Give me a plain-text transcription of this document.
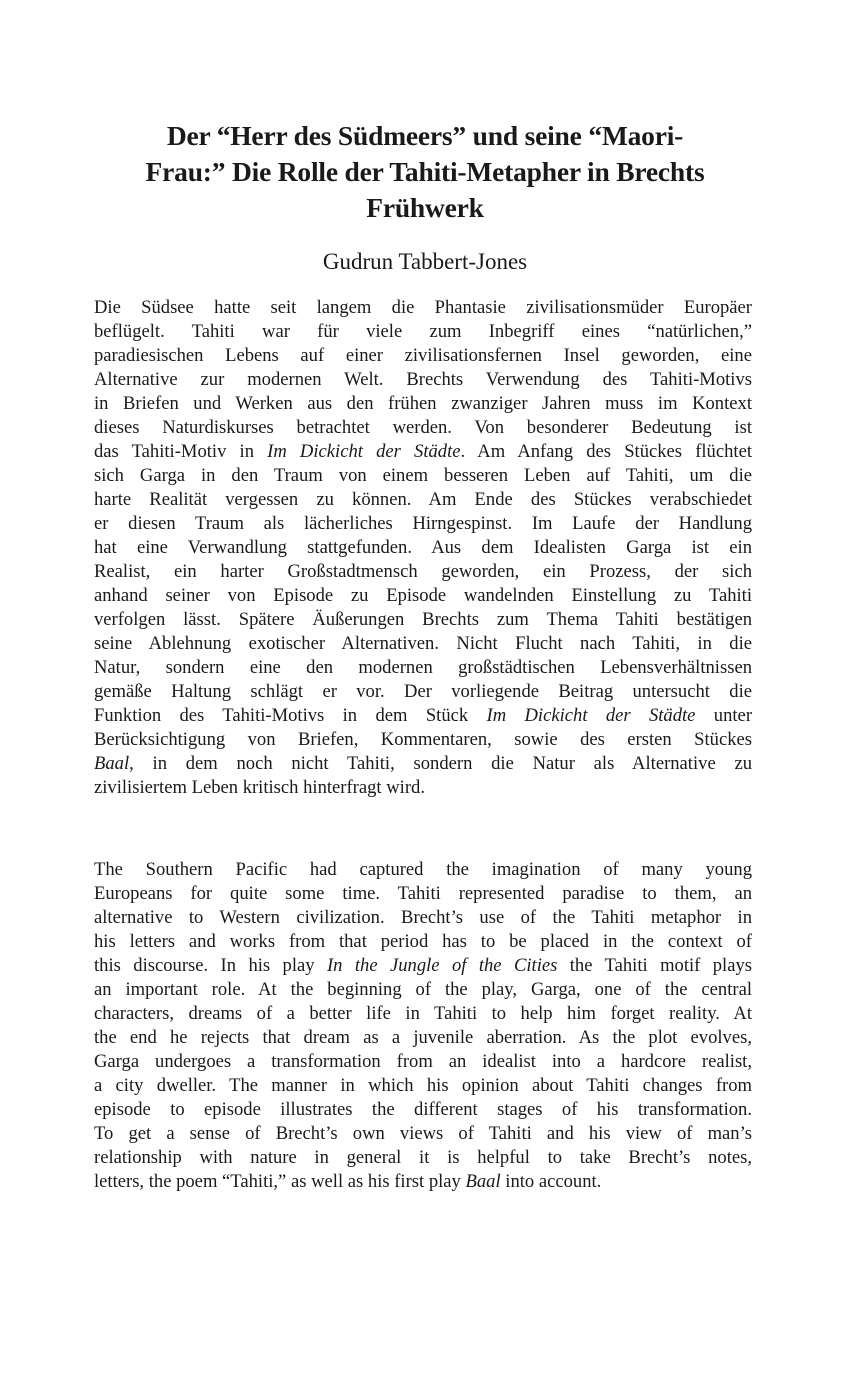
Der “Herr des Südmeers” und seine “Maori-
Frau:” Die Rolle der Tahiti-Metapher in Brechts
Frühwerk
Gudrun Tabbert-Jones
Die Südsee hatte seit langem die Phantasie zivilisationsmüder Europäer
beflügelt. Tahiti war für viele zum Inbegriff eines “natürlichen,”
paradiesischen Lebens auf einer zivilisationsfernen Insel geworden, eine
Alternative zur modernen Welt. Brechts Verwendung des Tahiti-Motivs
in Briefen und Werken aus den frühen zwanziger Jahren muss im Kontext
dieses Naturdiskurses betrachtet werden. Von besonderer Bedeutung ist
das Tahiti-Motiv in Im Dickicht der Städte. Am Anfang des Stückes flüchtet
sich Garga in den Traum von einem besseren Leben auf Tahiti, um die
harte Realität vergessen zu können. Am Ende des Stückes verabschiedet
er diesen Traum als lächerliches Hirngespinst. Im Laufe der Handlung
hat eine Verwandlung stattgefunden. Aus dem Idealisten Garga ist ein
Realist, ein harter Großstadtmensch geworden, ein Prozess, der sich
anhand seiner von Episode zu Episode wandelnden Einstellung zu Tahiti
verfolgen lässt. Spätere Äußerungen Brechts zum Thema Tahiti bestätigen
seine Ablehnung exotischer Alternativen. Nicht Flucht nach Tahiti, in die
Natur, sondern eine den modernen großstädtischen Lebensverhältnissen
gemäße Haltung schlägt er vor. Der vorliegende Beitrag untersucht die
Funktion des Tahiti-Motivs in dem Stück Im Dickicht der Städte unter
Berücksichtigung von Briefen, Kommentaren, sowie des ersten Stückes
Baal, in dem noch nicht Tahiti, sondern die Natur als Alternative zu
zivilisiertem Leben kritisch hinterfragt wird.
The Southern Pacific had captured the imagination of many young
Europeans for quite some time. Tahiti represented paradise to them, an
alternative to Western civilization. Brecht’s use of the Tahiti metaphor in
his letters and works from that period has to be placed in the context of
this discourse. In his play In the Jungle of the Cities the Tahiti motif plays
an important role. At the beginning of the play, Garga, one of the central
characters, dreams of a better life in Tahiti to help him forget reality. At
the end he rejects that dream as a juvenile aberration. As the plot evolves,
Garga undergoes a transformation from an idealist into a hardcore realist,
a city dweller. The manner in which his opinion about Tahiti changes from
episode to episode illustrates the different stages of his transformation.
To get a sense of Brecht’s own views of Tahiti and his view of man’s
relationship with nature in general it is helpful to take Brecht’s notes,
letters, the poem “Tahiti,” as well as his first play Baal into account.
